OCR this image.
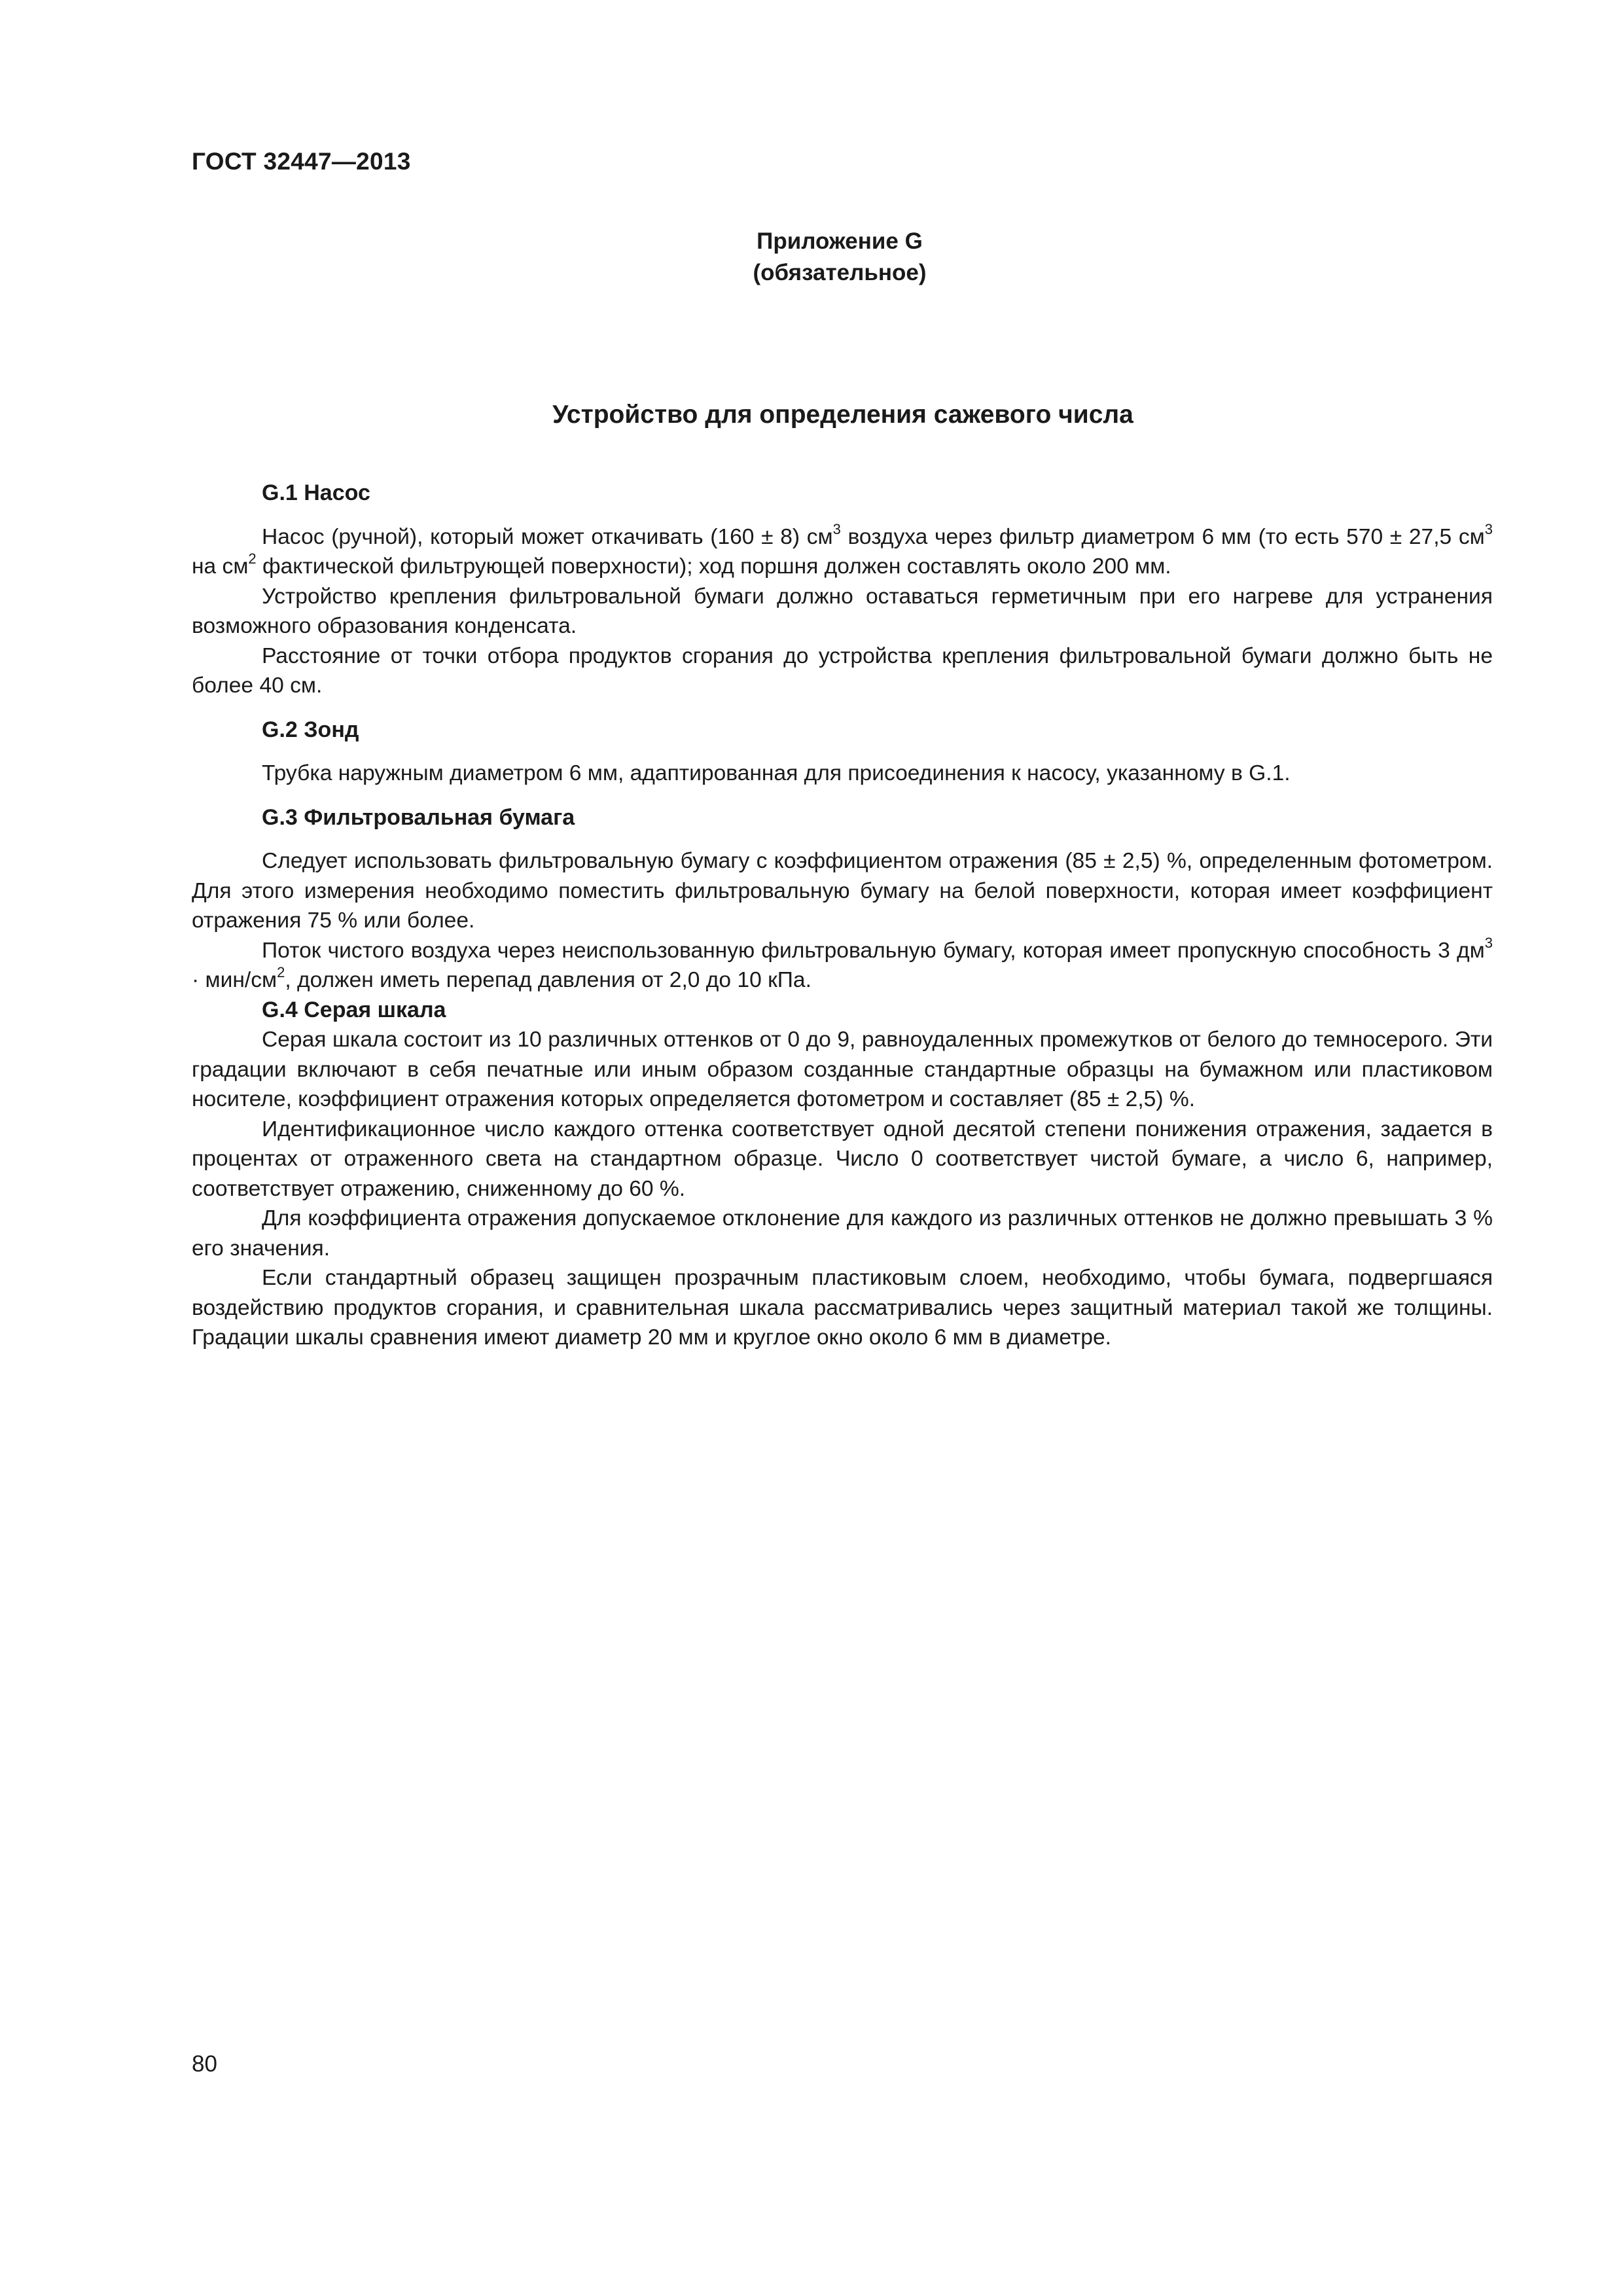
ГОСТ 32447—2013
Приложение G
(обязательное)
Устройство для определения сажевого числа
G.1 Насос

Насос (ручной), который может откачивать (160 ± 8) $см^3$ воздуха через фильтр диаметром 6 мм (то есть 570 ± 27,5 $см^3$ на $см^2$ фактической фильтрующей поверхности); ход поршня должен составлять около 200 мм.

Устройство крепления фильтровальной бумаги должно оставаться герметичным при его нагреве для устранения возможного образования конденсата.

Расстояние от точки отбора продуктов сгорания до устройства крепления фильтровальной бумаги должно быть не более 40 см.

G.2 Зонд

Трубка наружным диаметром 6 мм, адаптированная для присоединения к насосу, указанному в G.1.

G.3 Фильтровальная бумага

Следует использовать фильтровальную бумагу с коэффициентом отражения (85 ± 2,5) %, определенным фотометром. Для этого измерения необходимо поместить фильтровальную бумагу на белой поверхности, которая имеет коэффициент отражения 75 % или более.

Поток чистого воздуха через неиспользованную фильтровальную бумагу, которая имеет пропускную способность 3 $дм^3 \cdot мин/см^2$, должен иметь перепад давления от 2,0 до 10 кПа.

G.4 Серая шкала

Серая шкала состоит из 10 различных оттенков от 0 до 9, равноудаленных промежутков от белого до темносерого. Эти градации включают в себя печатные или иным образом созданные стандартные образцы на бумажном или пластиковом носителе, коэффициент отражения которых определяется фотометром и составляет (85 ± 2,5) %.

Идентификационное число каждого оттенка соответствует одной десятой степени понижения отражения, задается в процентах от отраженного света на стандартном образце. Число 0 соответствует чистой бумаге, а число 6, например, соответствует отражению, сниженному до 60 %.

Для коэффициента отражения допускаемое отклонение для каждого из различных оттенков не должно превышать 3 % его значения.

Если стандартный образец защищен прозрачным пластиковым слоем, необходимо, чтобы бумага, подвергшаяся воздействию продуктов сгорания, и сравнительная шкала рассматривались через защитный материал такой же толщины. Градации шкалы сравнения имеют диаметр 20 мм и круглое окно около 6 мм в диаметре.

80
